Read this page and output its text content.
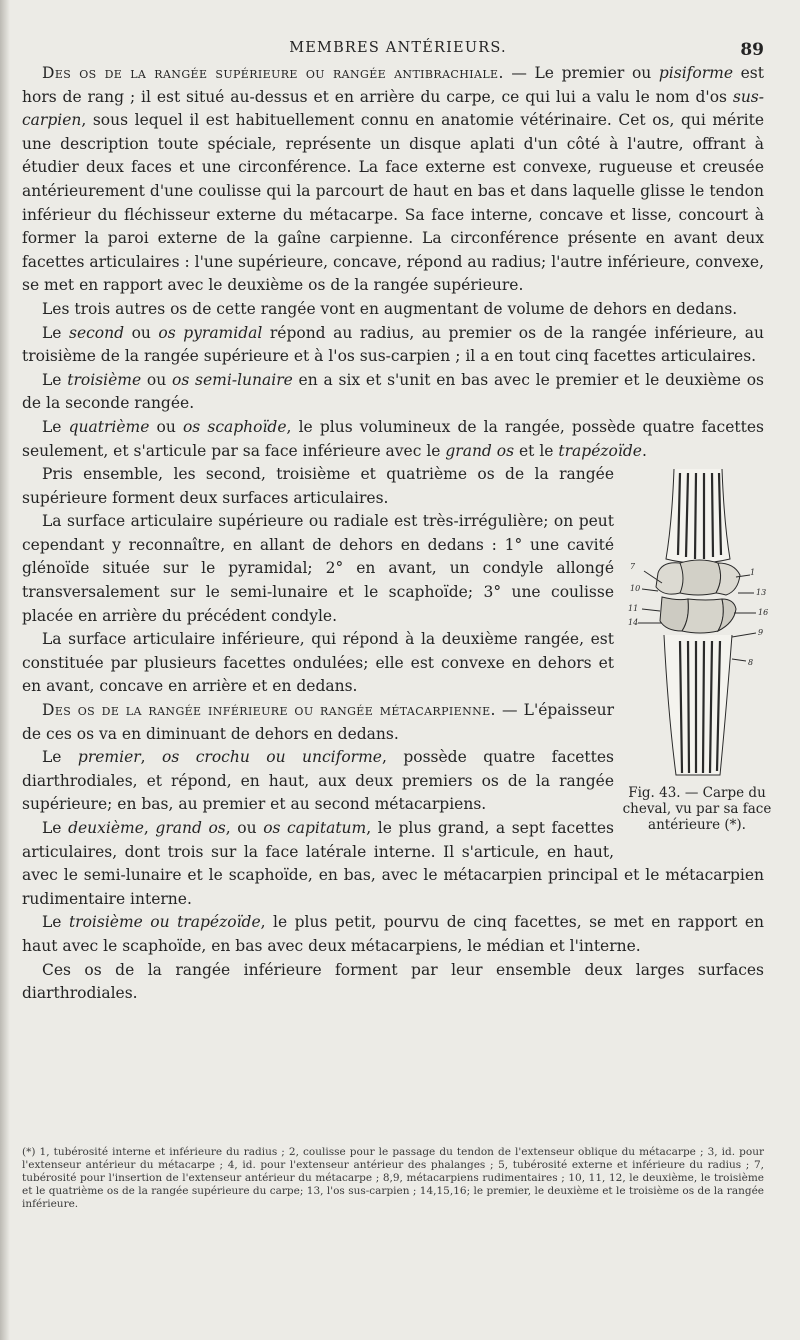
MEMBRES ANTÉRIEURS.	89

Des os de la rangée supérieure ou rangée antibrachiale. — Le premier ou pisiforme est hors de rang ; il est situé au-dessus et en arrière du carpe, ce qui lui a valu le nom d'os sus-carpien, sous lequel il est habituellement connu en anatomie vétérinaire. Cet os, qui mérite une description toute spéciale, représente un disque aplati d'un côté à l'autre, offrant à étudier deux faces et une circonférence. La face externe est convexe, rugueuse et creusée antérieurement d'une coulisse qui la parcourt de haut en bas et dans laquelle glisse le tendon inférieur du fléchisseur externe du métacarpe. Sa face interne, concave et lisse, concourt à former la paroi externe de la gaîne carpienne. La circonférence présente en avant deux facettes articulaires : l'une supérieure, concave, répond au radius; l'autre inférieure, convexe, se met en rapport avec le deuxième os de la rangée supérieure.

Les trois autres os de cette rangée vont en augmentant de volume de dehors en dedans.

Le second ou os pyramidal répond au radius, au premier os de la rangée inférieure, au troisième de la rangée supérieure et à l'os sus-carpien ; il a en tout cinq facettes articulaires.

Le troisième ou os semi-lunaire en a six et s'unit en bas avec le premier et le deuxième os de la seconde rangée.

Le quatrième ou os scaphoïde, le plus volumineux de la rangée, possède quatre facettes seulement, et s'articule par sa face inférieure avec le grand os et le trapézoïde.

7
10
11
14
1
13
16
9
8
Fig. 43. — Carpe du cheval, vu par sa face antérieure (*).

Pris ensemble, les second, troisième et quatrième os de la rangée supérieure forment deux surfaces articulaires.

La surface articulaire supérieure ou radiale est très-irrégulière; on peut cependant y reconnaître, en allant de dehors en dedans : 1° une cavité glénoïde située sur le pyramidal; 2° en avant, un condyle allongé transversalement sur le semi-lunaire et le scaphoïde; 3° une coulisse placée en arrière du précédent condyle.

La surface articulaire inférieure, qui répond à la deuxième rangée, est constituée par plusieurs facettes ondulées; elle est convexe en dehors et en avant, concave en arrière et en dedans.

Des os de la rangée inférieure ou rangée métacarpienne. — L'épaisseur de ces os va en diminuant de dehors en dedans.

Le premier, os crochu ou unciforme, possède quatre facettes diarthrodiales, et répond, en haut, aux deux premiers os de la rangée supérieure; en bas, au premier et au second métacarpiens.

Le deuxième, grand os, ou os capitatum, le plus grand, a sept facettes articulaires, dont trois sur la face latérale interne. Il s'articule, en haut, avec le semi-lunaire et le scaphoïde, en bas, avec le métacarpien principal et le métacarpien rudimentaire interne.

Le troisième ou trapézoïde, le plus petit, pourvu de cinq facettes, se met en rapport en haut avec le scaphoïde, en bas avec deux métacarpiens, le médian et l'interne.

Ces os de la rangée inférieure forment par leur ensemble deux larges surfaces diarthrodiales.

(*) 1, tubérosité interne et inférieure du radius ; 2, coulisse pour le passage du tendon de l'extenseur oblique du métacarpe ; 3, id. pour l'extenseur antérieur du métacarpe ; 4, id. pour l'extenseur antérieur des phalanges ; 5, tubérosité externe et inférieure du radius ; 7, tubérosité pour l'insertion de l'extenseur antérieur du métacarpe ; 8,9, métacarpiens rudimentaires ; 10, 11, 12, le deuxième, le troisième et le quatrième os de la rangée supérieure du carpe; 13, l'os sus-carpien ; 14,15,16; le premier, le deuxième et le troisième os de la rangée inférieure.
